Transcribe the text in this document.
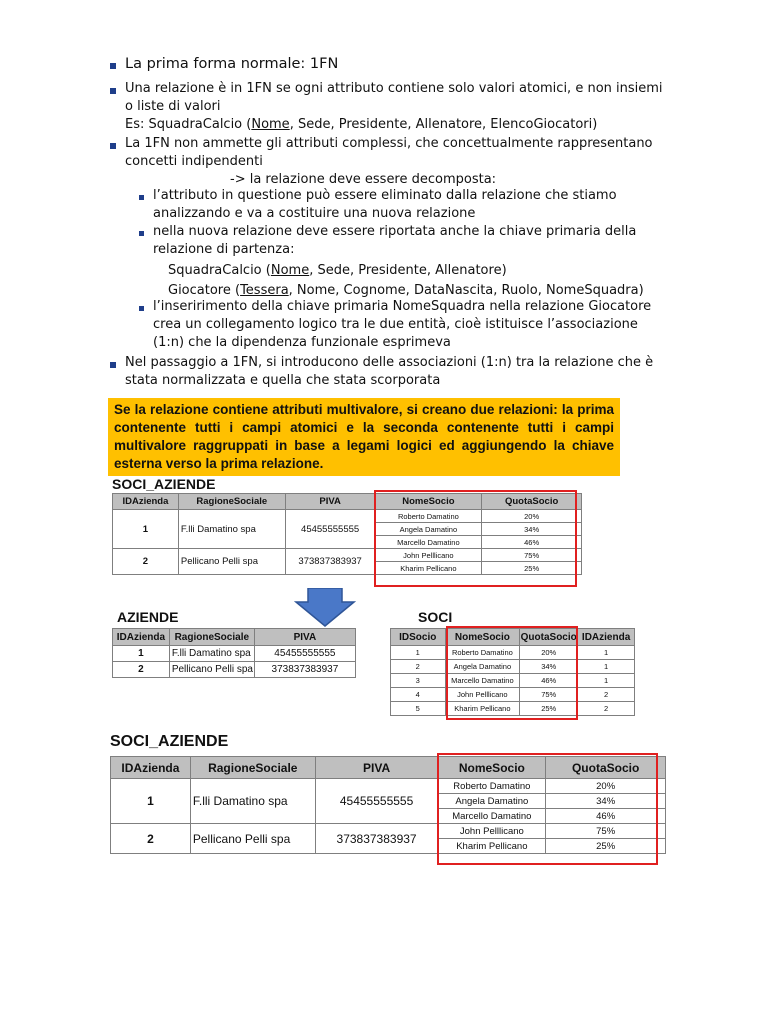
La prima forma normale: 1FN
Una relazione è in 1FN se ogni attributo contiene solo valori atomici, e non insiemi
o liste di valori
Es: SquadraCalcio (Nome, Sede, Presidente, Allenatore, ElencoGiocatori)
La 1FN non ammette gli attributi complessi, che concettualmente rappresentano
concetti indipendenti
-> la relazione deve essere decomposta:
l’attributo in questione può essere eliminato dalla relazione che stiamo
analizzando e va a costituire una nuova relazione
nella nuova relazione deve essere riportata anche la chiave primaria della
relazione di partenza:
SquadraCalcio (Nome, Sede, Presidente, Allenatore)
Giocatore (Tessera, Nome, Cognome, DataNascita, Ruolo, NomeSquadra)
l’inseririmento della chiave primaria NomeSquadra nella relazione Giocatore
crea un collegamento logico tra le due entità, cioè istituisce l’associazione
(1:n) che la dipendenza funzionale esprimeva
Nel passaggio a 1FN, si introducono delle associazioni (1:n) tra la relazione che è
stata normalizzata e quella che stata scorporata
Se la relazione contiene attributi multivalore, si creano due relazioni: la prima contenente tutti i campi atomici e la seconda contenente tutti i campi multivalore raggruppati in base a legami logici ed aggiungendo la chiave esterna verso la prima relazione.
SOCI_AZIENDE
IDAzienda	RagioneSociale	PIVA	NomeSocio	QuotaSocio
1	F.lli Damatino spa	45455555555	Roberto Damatino	20%
			Angela Damatino	34%
			Marcello Damatino	46%
2	Pellicano Pelli spa	373837383937	John Pelllicano	75%
			Kharim Pellicano	25%
AZIENDE
IDAzienda	RagioneSociale	PIVA
1	F.lli Damatino spa	45455555555
2	Pellicano Pelli spa	373837383937
SOCI
IDSocio	NomeSocio	QuotaSocio	IDAzienda
1	Roberto Damatino	20%	1
2	Angela Damatino	34%	1
3	Marcello Damatino	46%	1
4	John Pelllicano	75%	2
5	Kharim Pellicano	25%	2
SOCI_AZIENDE
IDAzienda	RagioneSociale	PIVA	NomeSocio	QuotaSocio
1	F.lli Damatino spa	45455555555	Roberto Damatino	20%
			Angela Damatino	34%
			Marcello Damatino	46%
2	Pellicano Pelli spa	373837383937	John Pelllicano	75%
			Kharim Pellicano	25%
